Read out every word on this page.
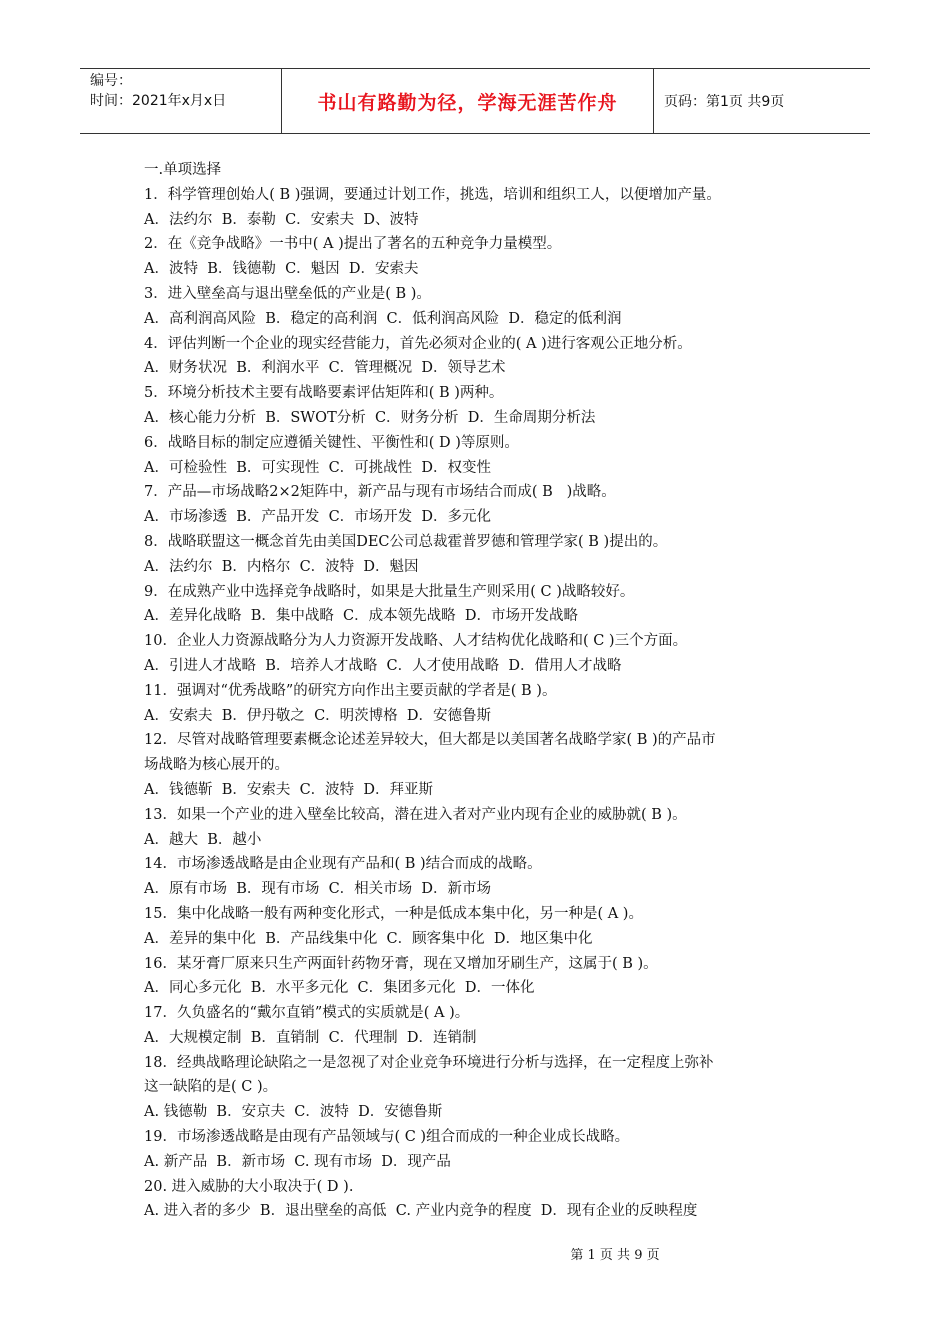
编号：
时间：2021年x月x日	书山有路勤为径，学海无涯苦作舟	页码：第1页 共9页

一.单项选择

1．科学管理创始人( B )强调，要通过计划工作，挑选，培训和组织工人，以便增加产量。

A．法约尔  B．泰勒  C．安索夫  D、波特

2．在《竞争战略》一书中( A )提出了著名的五种竞争力量模型。

A．波特  B．钱德勒  C．魁因  D．安索夫

3．进入壁垒高与退出壁垒低的产业是( B )。

A．高利润高风险  B．稳定的高利润  C．低利润高风险  D．稳定的低利润

4．评估判断一个企业的现实经营能力，首先必须对企业的( A )进行客观公正地分析。

A．财务状况  B．利润水平  C．管理概况  D．领导艺术

5．环境分析技术主要有战略要素评估矩阵和( B )两种。

A．核心能力分析  B．SWOT分析  C．财务分析  D．生命周期分析法

6．战略目标的制定应遵循关键性、平衡性和( D )等原则。

A．可检验性  B．可实现性  C．可挑战性  D．权变性

7．产品—市场战略2×2矩阵中，新产品与现有市场结合而成( B   )战略。

A．市场渗透  B．产品开发  C．市场开发  D．多元化

8．战略联盟这一概念首先由美国DEC公司总裁霍普罗德和管理学家( B )提出的。

A．法约尔  B．内格尔  C．波特  D．魁因

9．在成熟产业中选择竞争战略时，如果是大批量生产则采用( C )战略较好。

A．差异化战略  B．集中战略  C．成本领先战略  D．市场开发战略

10．企业人力资源战略分为人力资源开发战略、人才结构优化战略和( C )三个方面。

A．引进人才战略  B．培养人才战略  C．人才使用战略  D．借用人才战略

11．强调对“优秀战略”的研究方向作出主要贡献的学者是( B )。

A．安索夫  B．伊丹敬之  C．明茨博格  D．安德鲁斯

12．尽管对战略管理要素概念论述差异较大，但大都是以美国著名战略学家( B )的产品市

场战略为核心展开的。

A．钱德靳  B．安索夫  C．波特  D．拜亚斯

13．如果一个产业的进入壁垒比较高，潜在进入者对产业内现有企业的威胁就( B )。

A．越大  B．越小

14．市场渗透战略是由企业现有产品和( B )结合而成的战略。

A．原有市场  B．现有市场  C．相关市场  D．新市场

15．集中化战略一般有两种变化形式，一种是低成本集中化，另一种是( A )。

A．差异的集中化  B．产品线集中化  C．顾客集中化  D．地区集中化

16．某牙膏厂原来只生产两面针药物牙膏，现在又增加牙刷生产，这属于( B )。

A．同心多元化  B．水平多元化  C．集团多元化  D．一体化

17．久负盛名的“戴尔直销”模式的实质就是( A )。

A．大规模定制  B．直销制  C．代理制  D．连销制

18．经典战略理论缺陷之一是忽视了对企业竞争环境进行分析与选择，在一定程度上弥补

这一缺陷的是( C )。

A. 钱德勒  B．安京夫  C．波特  D．安德鲁斯

19．市场渗透战略是由现有产品领域与( C )组合而成的一种企业成长战略。

A. 新产品  B．新市场  C. 现有市场  D．现产品

20. 进入威胁的大小取决于( D ).

A. 进入者的多少  B．退出壁垒的高低  C. 产业内竞争的程度  D．现有企业的反映程度

第 1 页 共 9 页
